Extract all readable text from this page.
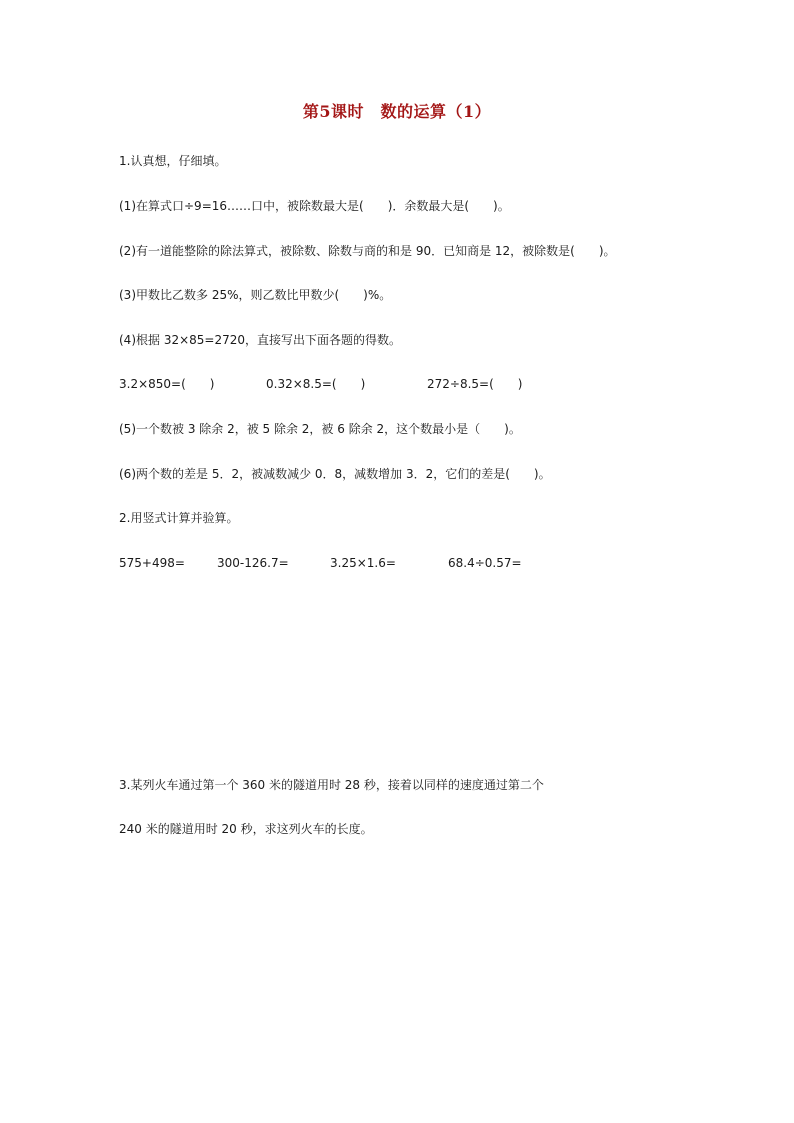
第5课时　数的运算（1）
1.认真想，仔细填。
(1)在算式口÷9=16……口中，被除数最大是(　　)．余数最大是(　　)。
(2)有一道能整除的除法算式，被除数、除数与商的和是 90．已知商是 12，被除数是(　　)。
(3)甲数比乙数多 25%，则乙数比甲数少(　　)%。
(4)根据 32×85=2720，直接写出下面各题的得数。

3.2×850=(　　)

	0.32×8.5=(　　)

	272÷8.5=(　　)

(5)一个数被 3 除余 2，被 5 除余 2，被 6 除余 2，这个数最小是（　　)。
(6)两个数的差是 5．2，被减数减少 0．8，减数增加 3．2，它们的差是(　　)。
2.用竖式计算并验算。

575+498=

	300-126.7=

	3.25×1.6=

	68.4÷0.57=

3.某列火车通过第一个 360 米的隧道用时 28 秒，接着以同样的速度通过第二个
240 米的隧道用时 20 秒，求这列火车的长度。
